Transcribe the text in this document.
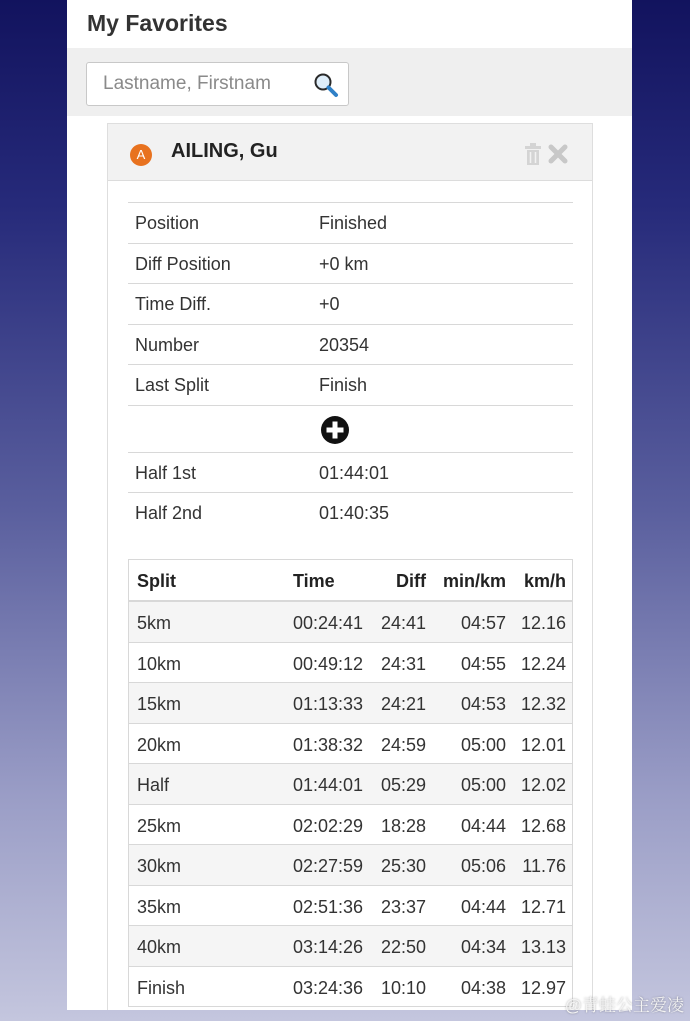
My Favorites
Lastname, Firstnam
A	AILING, Gu
Position	Finished
Diff Position	+0 km
Time Diff.	+0
Number	20354
Last Split	Finish
Half 1st	01:44:01
Half 2nd	01:40:35
Split	Time	Diff min/km km/h
5km	00:24:41 24:41 04:57 12.16
10km	00:49:12 24:31 04:55 12.24
15km	01:13:33 24:21 04:53 12.32
20km	01:38:32 24:59 05:00 12.01
Half	01:44:01 05:29 05:00 12.02
25km	02:02:29 18:28 04:44 12.68
30km	02:27:59 25:30 05:06 11.76
35km	02:51:36 23:37 04:44 12.71
40km	03:14:26 22:50 04:34 13.13
Finish	03:24:36 10:10 04:38 12.97
@青蛙公主爱凌
